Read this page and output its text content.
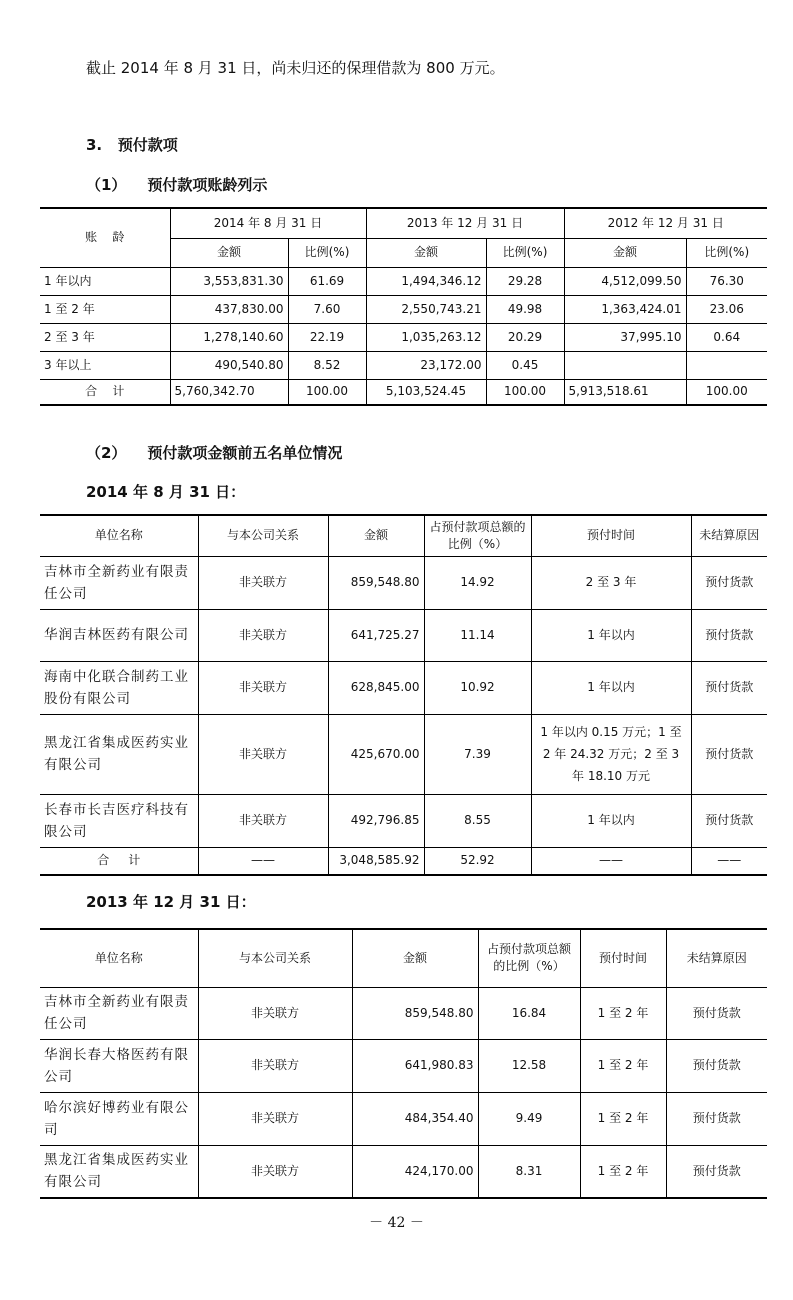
截止 2014 年 8 月 31 日，尚未归还的保理借款为 800 万元。
3.   预付款项
（1）    预付款项账龄列示
账    龄	2014 年 8 月 31 日		2013 年 12 月 31 日		2012 年 12 月 31 日	
	金额	比例(%)	金额	比例(%)	金额	比例(%)
1 年以内	3,553,831.30	61.69	1,494,346.12	29.28	4,512,099.50	76.30
1 至 2 年	437,830.00	7.60	2,550,743.21	49.98	1,363,424.01	23.06
2 至 3 年	1,278,140.60	22.19	1,035,263.12	20.29	37,995.10	0.64
3 年以上	490,540.80	8.52	23,172.00	0.45		
合    计	5,760,342.70	100.00	5,103,524.45	100.00	5,913,518.61	100.00
（2）    预付款项金额前五名单位情况
2014 年 8 月 31 日：
单位名称	与本公司关系	金额	占预付款项总额的比例（%）	预付时间	未结算原因
吉林市全新药业有限责任公司	非关联方	859,548.80	14.92	2 至 3 年	预付货款
华润吉林医药有限公司	非关联方	641,725.27	11.14	1 年以内	预付货款
海南中化联合制药工业股份有限公司	非关联方	628,845.00	10.92	1 年以内	预付货款
黑龙江省集成医药实业有限公司	非关联方	425,670.00	7.39	1 年以内 0.15 万元；1 至 2 年 24.32 万元；2 至 3 年 18.10 万元	预付货款
长春市长吉医疗科技有限公司	非关联方	492,796.85	8.55	1 年以内	预付货款
合     计	——	3,048,585.92	52.92	——	——
2013 年 12 月 31 日：
单位名称	与本公司关系	金额	占预付款项总额的比例（%）	预付时间	未结算原因
吉林市全新药业有限责任公司	非关联方	859,548.80	16.84	1 至 2 年	预付货款
华润长春大格医药有限公司	非关联方	641,980.83	12.58	1 至 2 年	预付货款
哈尔滨好博药业有限公司	非关联方	484,354.40	9.49	1 至 2 年	预付货款
黑龙江省集成医药实业有限公司	非关联方	424,170.00	8.31	1 至 2 年	预付货款
－ 42 －
